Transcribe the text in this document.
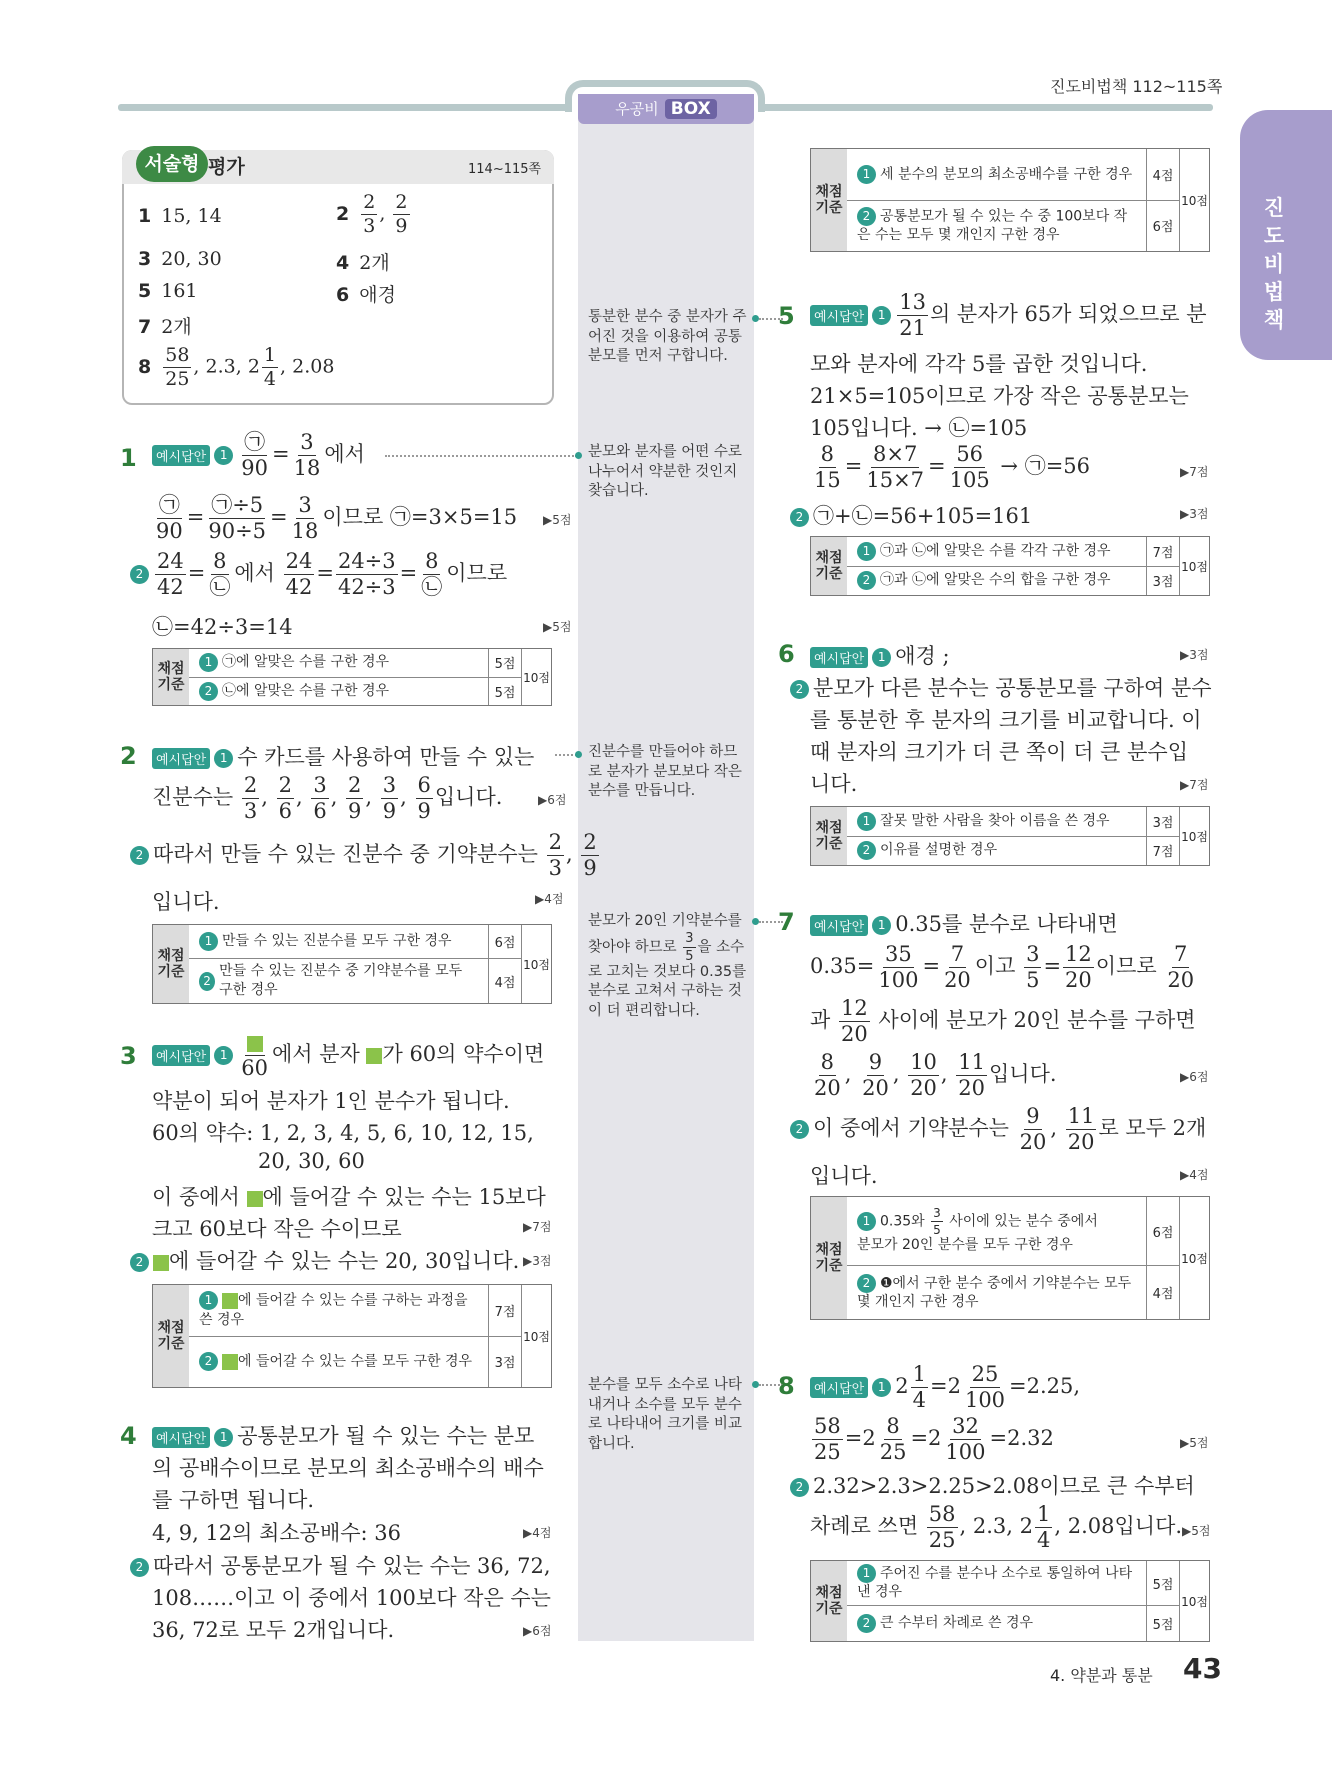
우공비 BOX
진도비법책 112~115쪽
진
도
비
법
책
서술형 평가	114~115쪽
1 15, 14	$2 \frac{2}{3}$ , $\frac{2}{9}$
3 20, 30	4 2개
5 161	6 애경
7 2개
$8 \frac{58}{25}$ , 2.3, $2 \frac{1}{4}$ , 2.08
1	예시답안 1
㉠
90
= $\frac{3}{18}$ 에서
㉠
90
= $\frac{㉠\div 5}{90\div 5} = \frac{3}{18}$ 이므로 ㉠=3×5=15 ▶5점
$2 \frac{24}{42} = 8$
㉡
에서 $\frac{24}{42} = \frac{24\div 3}{42\div 3} = 8$
㉡
이므로
㉡=42÷3=14	▶5점
채점 기준
1 ㉠에 알맞은 수를 구한 경우	5점
2 ㉡에 알맞은 수를 구한 경우	5점
10점
2	예시답안 1 수 카드를 사용하여 만들 수 있는
진분수는 $\frac{2}{3}$ , $\frac{2}{6}$ , $\frac{3}{6}$ , $\frac{2}{9}$ , $\frac{3}{9}$ , $\frac{6}{9}$ 입니다.	▶6점
2 따라서 만들 수 있는 진분수 중 기약분수는 $\frac{2}{3}$ , $\frac{2}{9}$
입니다.	▶4점
채점 기준
1 만들 수 있는 진분수를 모두 구한 경우	6점
2
만들 수 있는 진분수 중 기약분수를 모두 구한 경우	4점
10점
3	예시답안 1
60
에서 분자 가 60의 약수이면
약분이 되어 분자가 1인 분수가 됩니다.
60의 약수: 1, 2, 3, 4, 5, 6, 10, 12, 15,
20, 30, 60
이 중에서 에 들어갈 수 있는 수는 15보다
크고 60보다 작은 수이므로	▶7점
2 에 들어갈 수 있는 수는 20, 30입니다. ▶3점
채점 기준
1 에 들어갈 수 있는 수를 구하는 과정을 쓴 경우	7점
2 에 들어갈 수 있는 수를 모두 구한 경우	3점
10점
4	예시답안 1 공통분모가 될 수 있는 수는 분모
의 공배수이므로 분모의 최소공배수의 배수
를 구하면 됩니다.
4, 9, 12의 최소공배수: 36	▶4점
2 따라서 공통분모가 될 수 있는 수는 36, 72,
108……이고 이 중에서 100보다 작은 수는
36, 72로 모두 2개입니다.	▶6점
통분한 분수 중 분자가 주어진 것을 이용하여 공통분모를 먼저 구합니다.
분모와 분자를 어떤 수로 나누어서 약분한 것인지 찾습니다.
진분수를 만들어야 하므로 분자가 분모보다 작은 분수를 만듭니다.
분모가 20인 기약분수를 찾아야 하므로 $\frac{3}{5}$ 을 소수로 고치는 것보다 0.35를 분수로 고쳐서 구하는 것이 더 편리합니다.
분수를 모두 소수로 나타내거나 소수를 모두 분수로 나타내어 크기를 비교합니다.
채점 기준
1 세 분수의 분모의 최소공배수를 구한 경우	4점
2 공통분모가 될 수 있는 수 중 100보다 작은 수는 모두 몇 개인지 구한 경우	6점
10점
5	예시답안 $1 \frac{13}{21}$ 의 분자가 65가 되었으므로 분
모와 분자에 각각 5를 곱한 것입니다.
21×5=105이므로 가장 작은 공통분모는
105입니다. → ㉡=105
$\frac{8}{15} = \frac{8\times 7}{15\times 7} = \frac{56}{105}$ → ㉠=56	▶7점
2 ㉠+㉡=56+105=161	▶3점
채점 기준
1 ㉠과 ㉡에 알맞은 수를 각각 구한 경우	7점
2 ㉠과 ㉡에 알맞은 수의 합을 구한 경우	3점
10점
6	예시답안 1 애경 ;	▶3점
2 분모가 다른 분수는 공통분모를 구하여 분수
를 통분한 후 분자의 크기를 비교합니다. 이
때 분자의 크기가 더 큰 쪽이 더 큰 분수입
니다.	▶7점
채점 기준
1 잘못 말한 사람을 찾아 이름을 쓴 경우	3점
2 이유를 설명한 경우	7점
10점
7	예시답안 1 0.35를 분수로 나타내면
$0.35= \frac{35}{100} = \frac{7}{20}$ 이고 $\frac{3}{5} = \frac{12}{20}$ 이므로 $\frac{7}{20}$
과 $\frac{12}{20}$ 사이에 분모가 20인 분수를 구하면
$\frac{8}{20}$ , $\frac{9}{20}$ , $\frac{10}{20}$ , $\frac{11}{20}$ 입니다.	▶6점
2 이 중에서 기약분수는 $\frac{9}{20}$ , $\frac{11}{20}$ 로 모두 2개
입니다.	▶4점
채점 기준
1 0.35와 $\frac{3}{5}$ 사이에 있는 분수 중에서
분모가 20인 분수를 모두 구한 경우
6점
2 ❶에서 구한 분수 중에서 기약분수는 모두 몇 개인지 구한 경우	4점
10점
8	예시답안 1 $2 \frac{1}{4} =2 \frac{25}{100} =2.25$,
$\frac{58}{25} =2 \frac{8}{25} =2 \frac{32}{100} =2.32$	▶5점
2 2.32>2.3>2.25>2.08이므로 큰 수부터
차례로 쓰면 $\frac{58}{25}$ , 2.3, $2 \frac{1}{4}$ , 2.08입니다. ▶5점
채점 기준
1 주어진 수를 분수나 소수로 통일하여 나타낸 경우	5점
2 큰 수부터 차례로 쓴 경우	5점
10점
4. 약분과 통분 43
